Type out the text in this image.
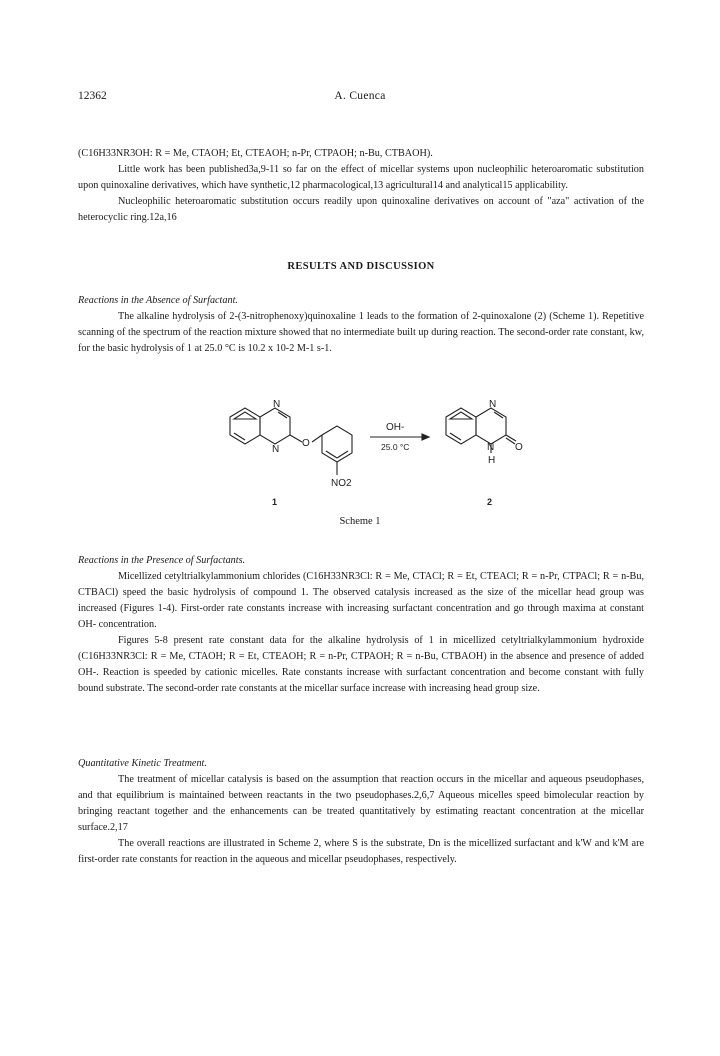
12362	A. Cuenca

(C16H33NR3OH: R = Me, CTAOH; Et, CTEAOH; n-Pr, CTPAOH; n-Bu, CTBAOH).

Little work has been published3a,9-11 so far on the effect of micellar systems upon nucleophilic heteroaromatic substitution upon quinoxaline derivatives, which have synthetic,12 pharmacological,13 agricultural14 and analytical15 applicability.

Nucleophilic heteroaromatic substitution occurs readily upon quinoxaline derivatives on account of "aza" activation of the heterocyclic ring.12a,16

RESULTS AND DISCUSSION

Reactions in the Absence of Surfactant.

The alkaline hydrolysis of 2-(3-nitrophenoxy)quinoxaline 1 leads to the formation of 2-quinoxalone (2) (Scheme 1). Repetitive scanning of the spectrum of the reaction mixture showed that no intermediate built up during reaction. The second-order rate constant, kw, for the basic hydrolysis of 1 at 25.0 °C is 10.2 x 10-2 M-1 s-1.

N
N
O
N
N
H
O
NO2
OH-
25.0 °C
1	2
Scheme 1

Reactions in the Presence of Surfactants.

Micellized cetyltrialkylammonium chlorides (C16H33NR3Cl: R = Me, CTACl; R = Et, CTEACl; R = n-Pr, CTPACl; R = n-Bu, CTBACl) speed the basic hydrolysis of compound 1. The observed catalysis increased as the size of the micellar head group was increased (Figures 1-4). First-order rate constants increase with increasing surfactant concentration and go through maxima at constant OH- concentration.

Figures 5-8 present rate constant data for the alkaline hydrolysis of 1 in micellized cetyltrialkylammonium hydroxide (C16H33NR3Cl: R = Me, CTAOH; R = Et, CTEAOH; R = n-Pr, CTPAOH; R = n-Bu, CTBAOH) in the absence and presence of added OH-. Reaction is speeded by cationic micelles. Rate constants increase with surfactant concentration and become constant with fully bound substrate. The second-order rate constants at the micellar surface increase with increasing head group size.

Quantitative Kinetic Treatment.

The treatment of micellar catalysis is based on the assumption that reaction occurs in the micellar and aqueous pseudophases, and that equilibrium is maintained between reactants in the two pseudophases.2,6,7 Aqueous micelles speed bimolecular reaction by bringing reactant together and the enhancements can be treated quantitatively by estimating reactant concentration at the micellar surface.2,17

The overall reactions are illustrated in Scheme 2, where S is the substrate, Dn is the micellized surfactant and k'W and k'M are first-order rate constants for reaction in the aqueous and micellar pseudophases, respectively.
